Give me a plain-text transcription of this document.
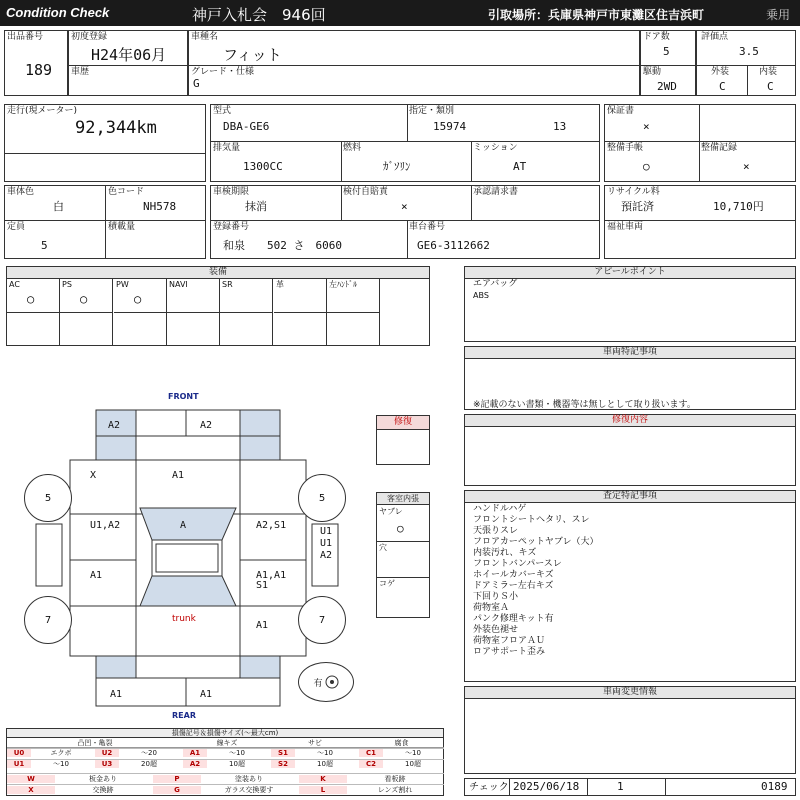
Condition Check	神戸入札会　946回	引取場所：兵庫県神戸市東灘区住吉浜町	乗用
出品番号
189
初度登録
H24年06月
車歴
車種名
フィット
グレード・仕様
G
ドア数
5
駆動
2WD
評価点
3.5
外装
C
内装
C
走行(現メーター)
92,344km
型式
DBA-GE6
指定・類別
15974	13
排気量
1300CC
燃料
ｶﾞｿﾘﾝ
ミッション
AT
保証書
×
整備手帳
○
整備記録
×
車体色
白
色コード
NH578
定員
5
積載量
車検期限
抹消
検付自賠責
×
承認請求書
登録番号
和泉　　502 さ　6060
車台番号
GE6-3112662
リサイクル料
預託済	10,710円
福祉車両
装備
AC
○
PS
○
PW
○
NAVI	SR	革	左ﾊﾝﾄﾞﾙ
アピールポイント
エアバッグ
ABS
車両特記事項
※記載のない書類・機器等は無しとして取り扱います。
修復内容
査定特記事項
ハンドルハゲ
フロントシートヘタリ、スレ
天張りスレ
フロアカーペットヤブレ（大）
内装汚れ、キズ
フロントバンパースレ
ホイールカバーキズ
ドアミラー左右キズ
下回りＳ小
荷物室Ａ
パンク修理キット有
外装色褪せ
荷物室フロアＡＵ
ロアサポート歪み
車両変更情報
チェック 2025/06/18	1	0189
FRONT
REAR
A2	A2
X	A1
U1,A2	A	A2,S1
A1	A1,A1
S1
A1
A1	A1
U1
U1
A2
trunk
5	5
7	7
有
修復
客室内張
ヤブレ
○
穴
コゲ
損傷記号＆損傷サイズ(〜最大cm)
凸凹・亀裂	線キズ	サビ	腐食
U0	エクボ	U2	〜20	A1	〜10	S1	〜10	C1	〜10
U1	〜10	U3	20超	A2	10超	S2	10超	C2	10超
W	板金あり	P	塗装あり	K	看板跡
X	交換跡	G	ガラス交換要す	L	レンズ割れ
